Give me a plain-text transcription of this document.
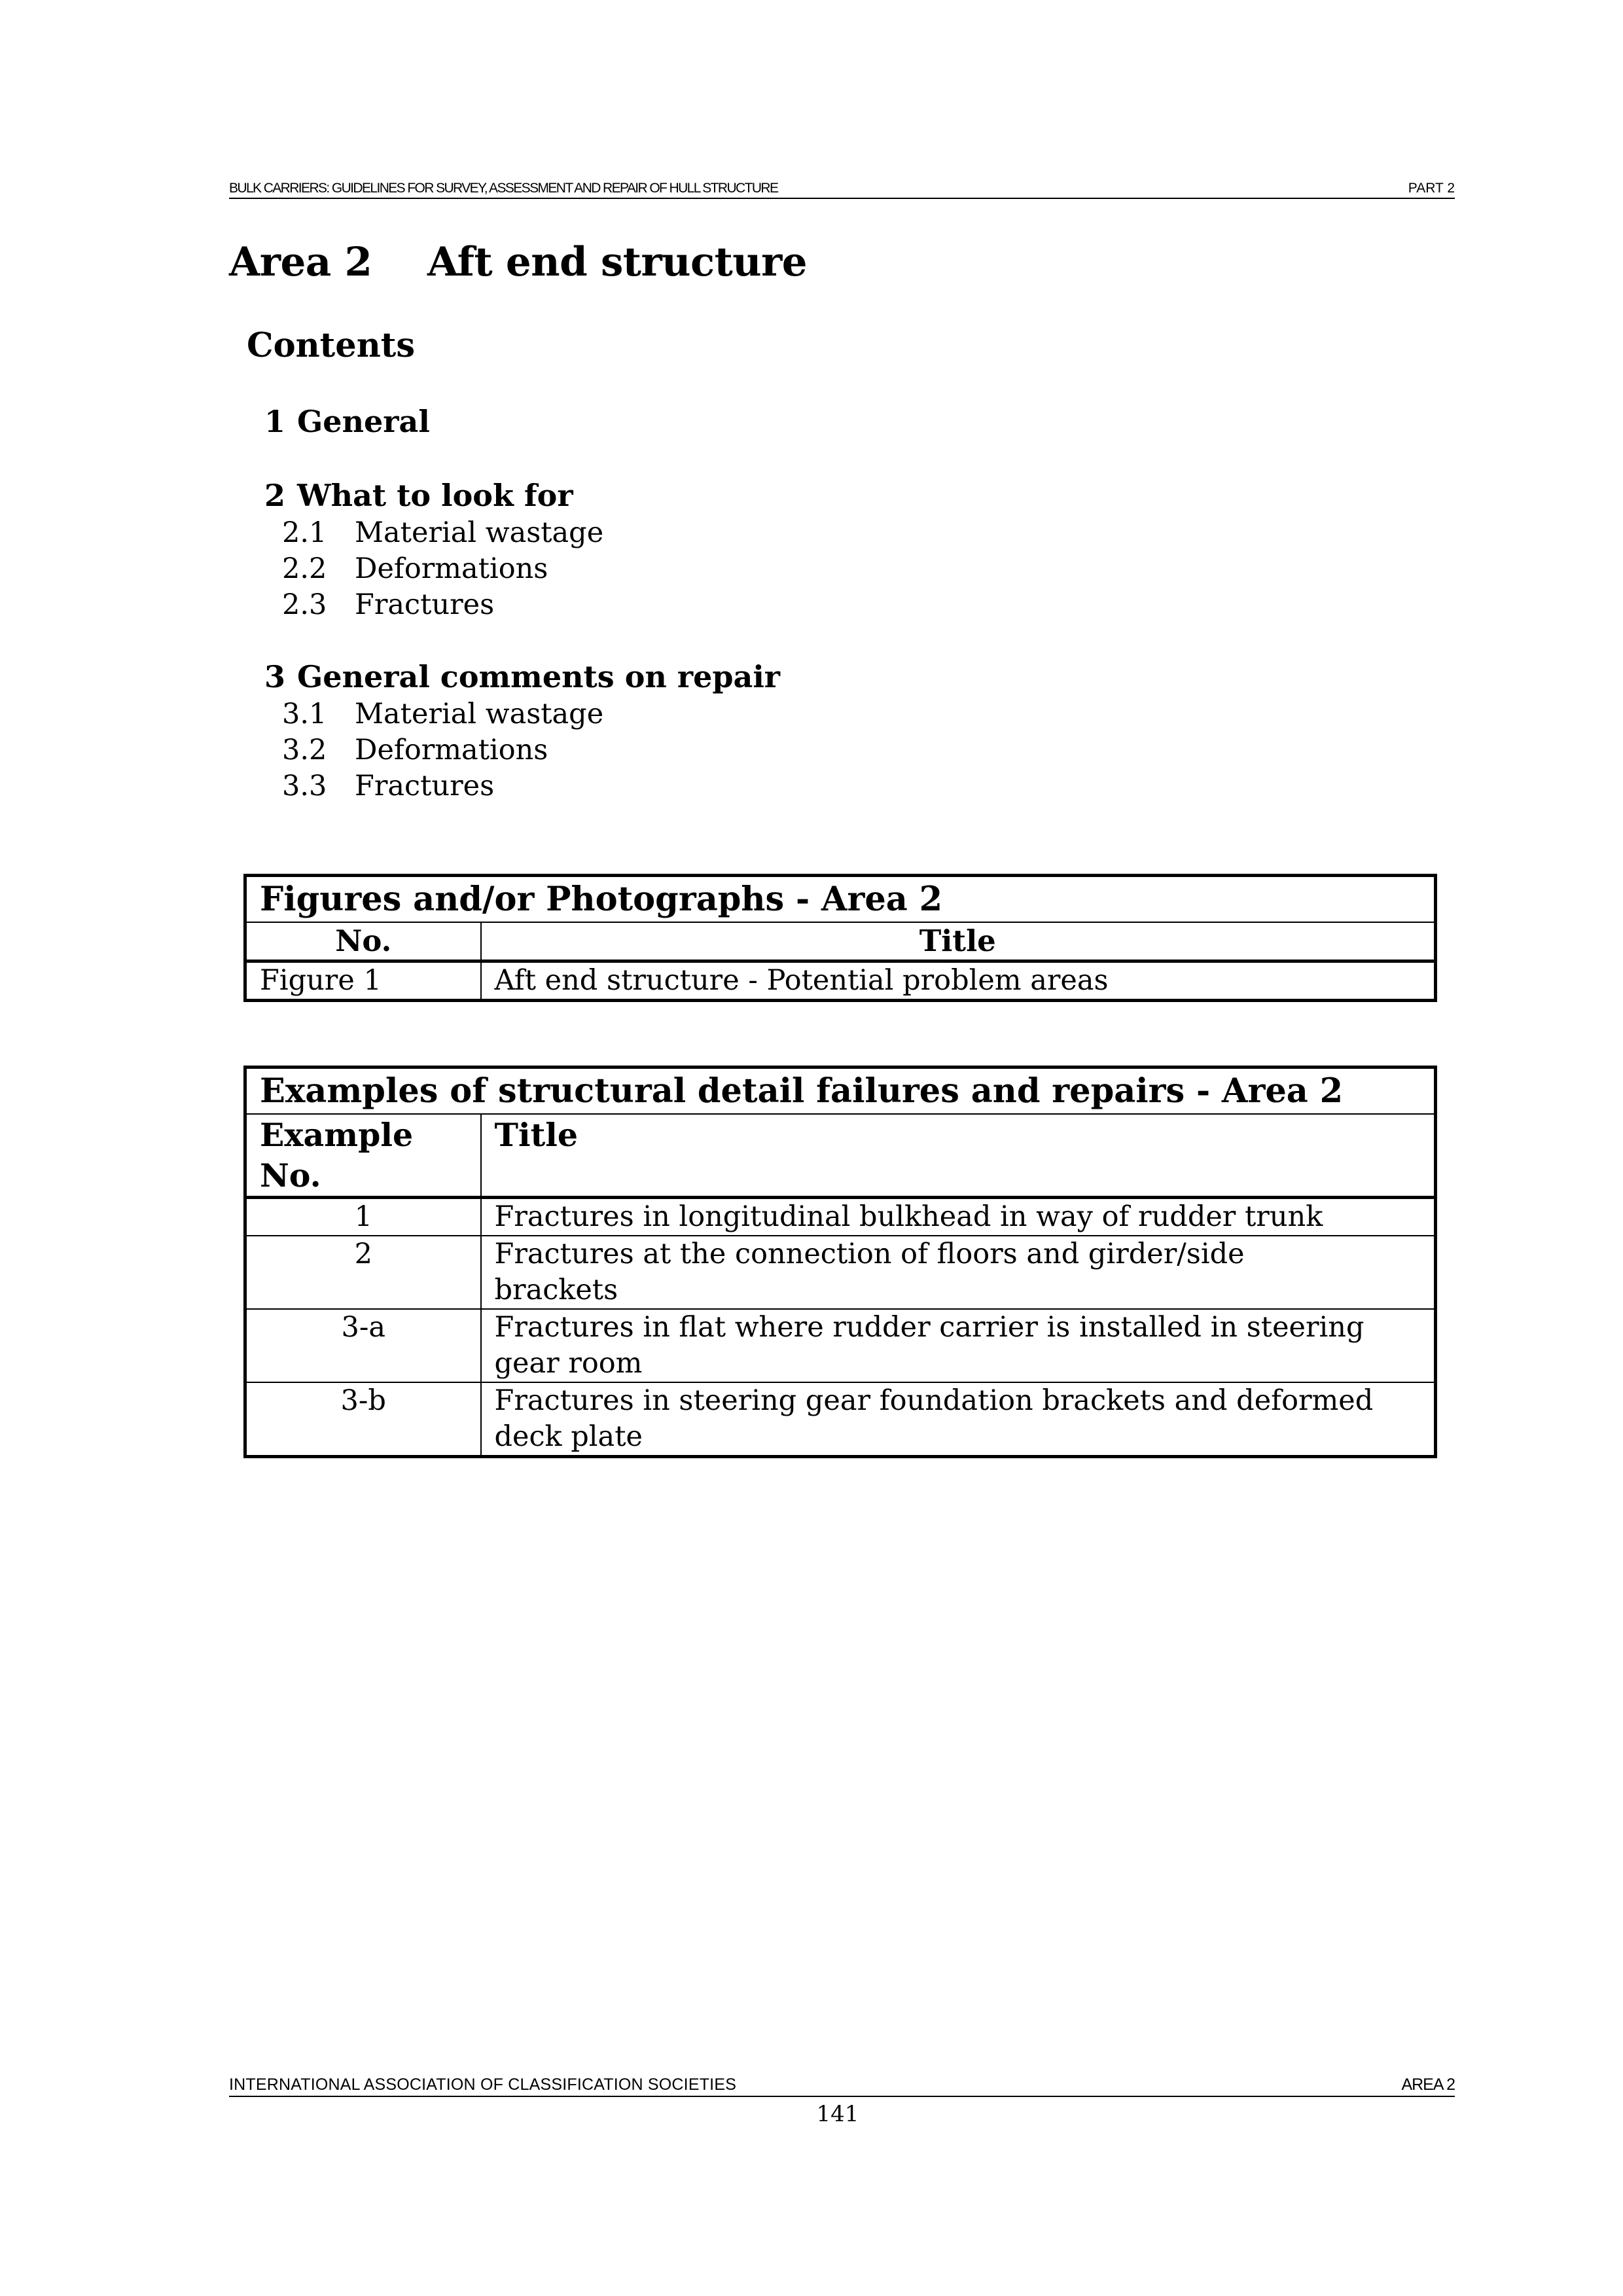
BULK CARRIERS: GUIDELINES FOR SURVEY, ASSESSMENT AND REPAIR OF HULL STRUCTURE	PART 2
Area 2 Aft end structure
Contents
1 General
2 What to look for
2.1 Material wastage
2.2 Deformations
2.3 Fractures
3 General comments on repair
3.1 Material wastage
3.2 Deformations
3.3 Fractures
Figures and/or Photographs - Area 2	
No.	Title
Figure 1	Aft end structure - Potential problem areas
Examples of structural detail failures and repairs - Area 2	
Example No.	Title
1	Fractures in longitudinal bulkhead in way of rudder trunk

2	Fractures at the connection of floors and girder/side
brackets

3-a	Fractures in flat where rudder carrier is installed in steering
gear room

3-b	Fractures in steering gear foundation brackets and deformed
deck plate
INTERNATIONAL ASSOCIATION OF CLASSIFICATION SOCIETIES	AREA 2
141
